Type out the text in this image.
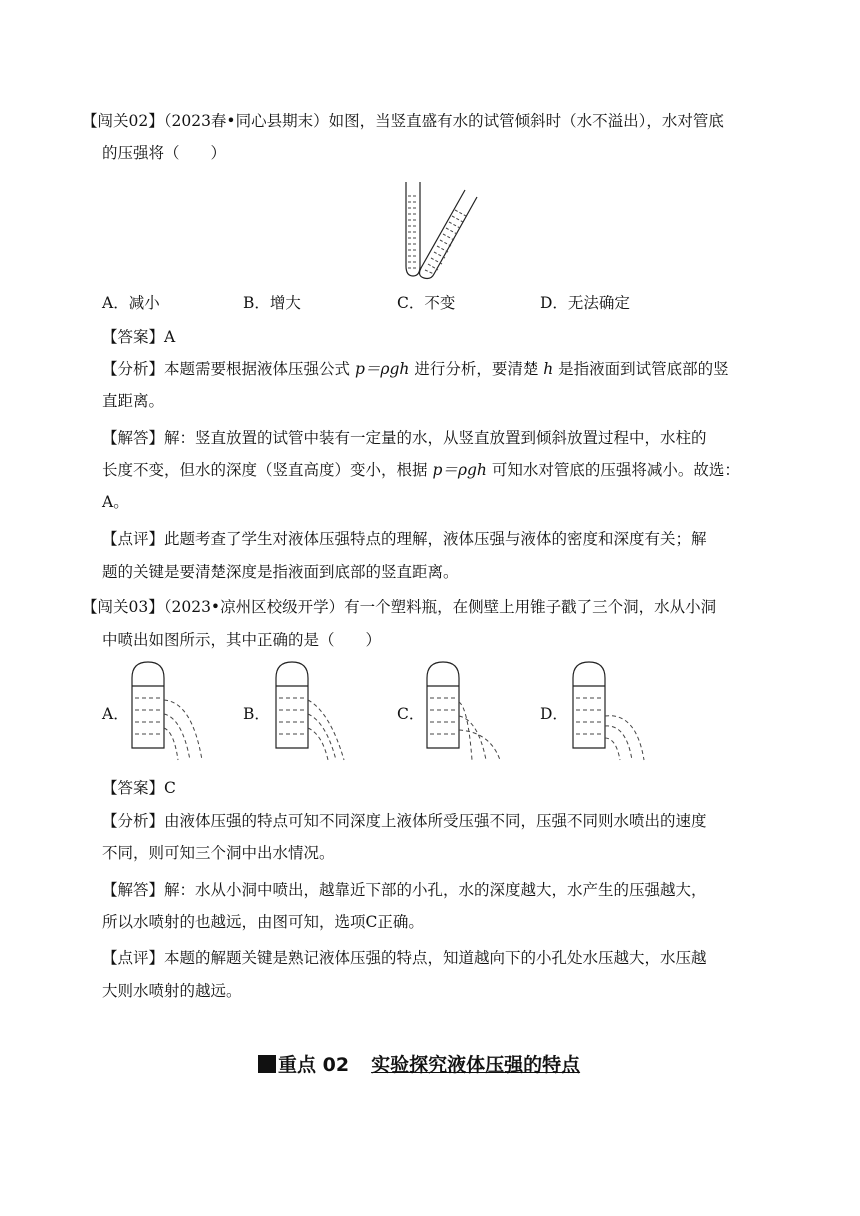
【闯关02】（2023春•同心县期末）如图，当竖直盛有水的试管倾斜时（水不溢出），水对管底
的压强将（　　）
A．减小	B．增大	C．不变	D．无法确定
【答案】A
【分析】本题需要根据液体压强公式 p＝ρgh 进行分析，要清楚 h 是指液面到试管底部的竖
直距离。
【解答】解：竖直放置的试管中装有一定量的水，从竖直放置到倾斜放置过程中，水柱的
长度不变，但水的深度（竖直高度）变小，根据 p＝ρgh 可知水对管底的压强将减小。故选：
A。
【点评】此题考查了学生对液体压强特点的理解，液体压强与液体的密度和深度有关；解
题的关键是要清楚深度是指液面到底部的竖直距离。
【闯关03】（2023•凉州区校级开学）有一个塑料瓶，在侧壁上用锥子戳了三个洞，水从小洞
中喷出如图所示，其中正确的是（　　）
A．	B．	C．	D．
【答案】C
【分析】由液体压强的特点可知不同深度上液体所受压强不同，压强不同则水喷出的速度
不同，则可知三个洞中出水情况。
【解答】解：水从小洞中喷出，越靠近下部的小孔，水的深度越大，水产生的压强越大，
所以水喷射的也越远，由图可知，选项C正确。
【点评】本题的解题关键是熟记液体压强的特点，知道越向下的小孔处水压越大，水压越
大则水喷射的越远。
重点 02 实验探究液体压强的特点
